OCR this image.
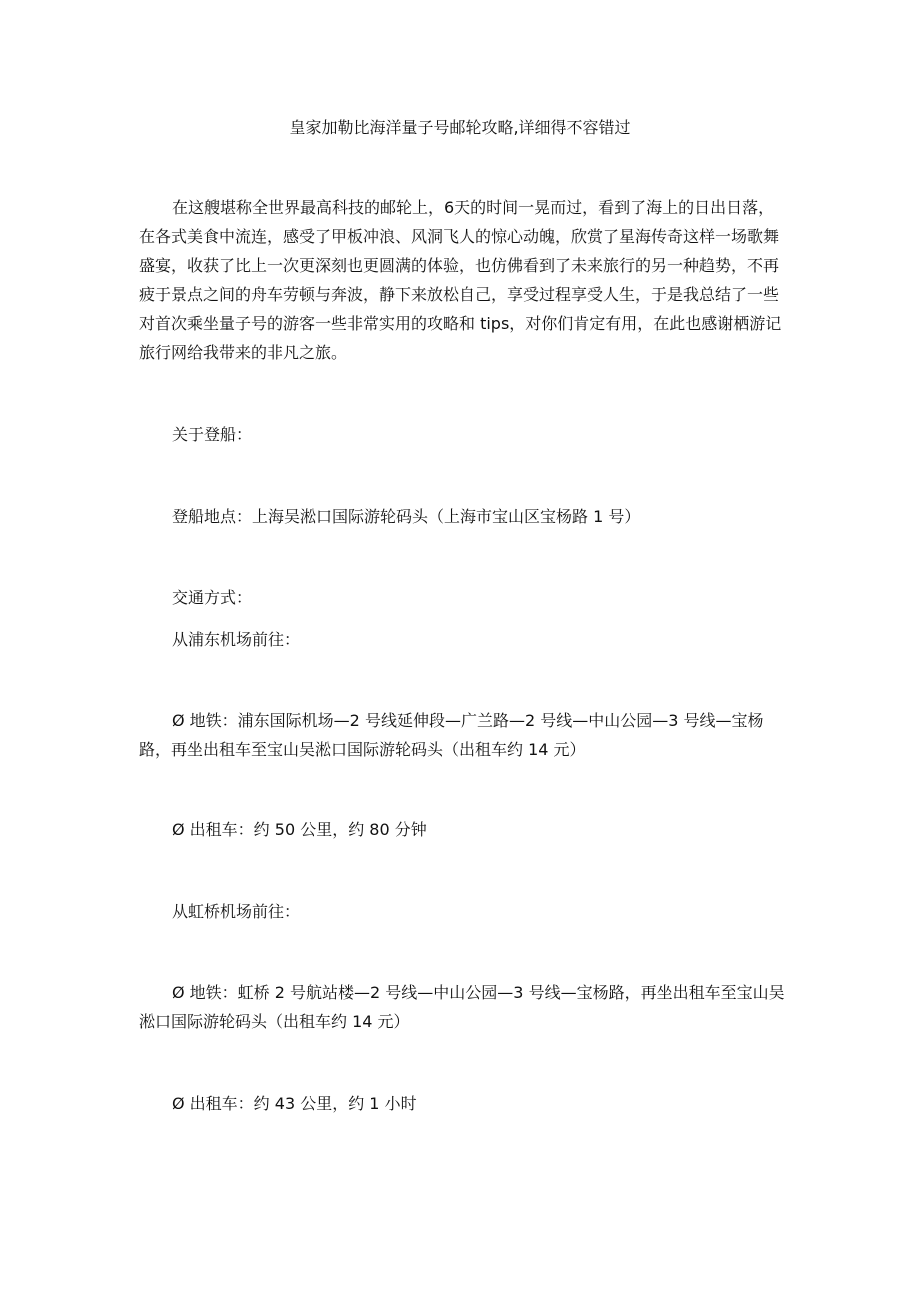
皇家加勒比海洋量子号邮轮攻略,详细得不容错过

在这艘堪称全世界最高科技的邮轮上，6天的时间一晃而过，看到了海上的日出日落，在各式美食中流连，感受了甲板冲浪、风洞飞人的惊心动魄，欣赏了星海传奇这样一场歌舞盛宴，收获了比上一次更深刻也更圆满的体验，也仿佛看到了未来旅行的另一种趋势，不再疲于景点之间的舟车劳顿与奔波，静下来放松自己，享受过程享受人生，于是我总结了一些对首次乘坐量子号的游客一些非常实用的攻略和 tips，对你们肯定有用，在此也感谢栖游记旅行网给我带来的非凡之旅。

关于登船：

登船地点：上海吴淞口国际游轮码头（上海市宝山区宝杨路 1 号）

交通方式：

从浦东机场前往：

Ø 地铁：浦东国际机场—2 号线延伸段—广兰路—2 号线—中山公园—3 号线—宝杨路，再坐出租车至宝山吴淞口国际游轮码头（出租车约 14 元）

Ø 出租车：约 50 公里，约 80 分钟

从虹桥机场前往：

Ø 地铁：虹桥 2 号航站楼—2 号线—中山公园—3 号线—宝杨路，再坐出租车至宝山吴淞口国际游轮码头（出租车约 14 元）

Ø 出租车：约 43 公里，约 1 小时
